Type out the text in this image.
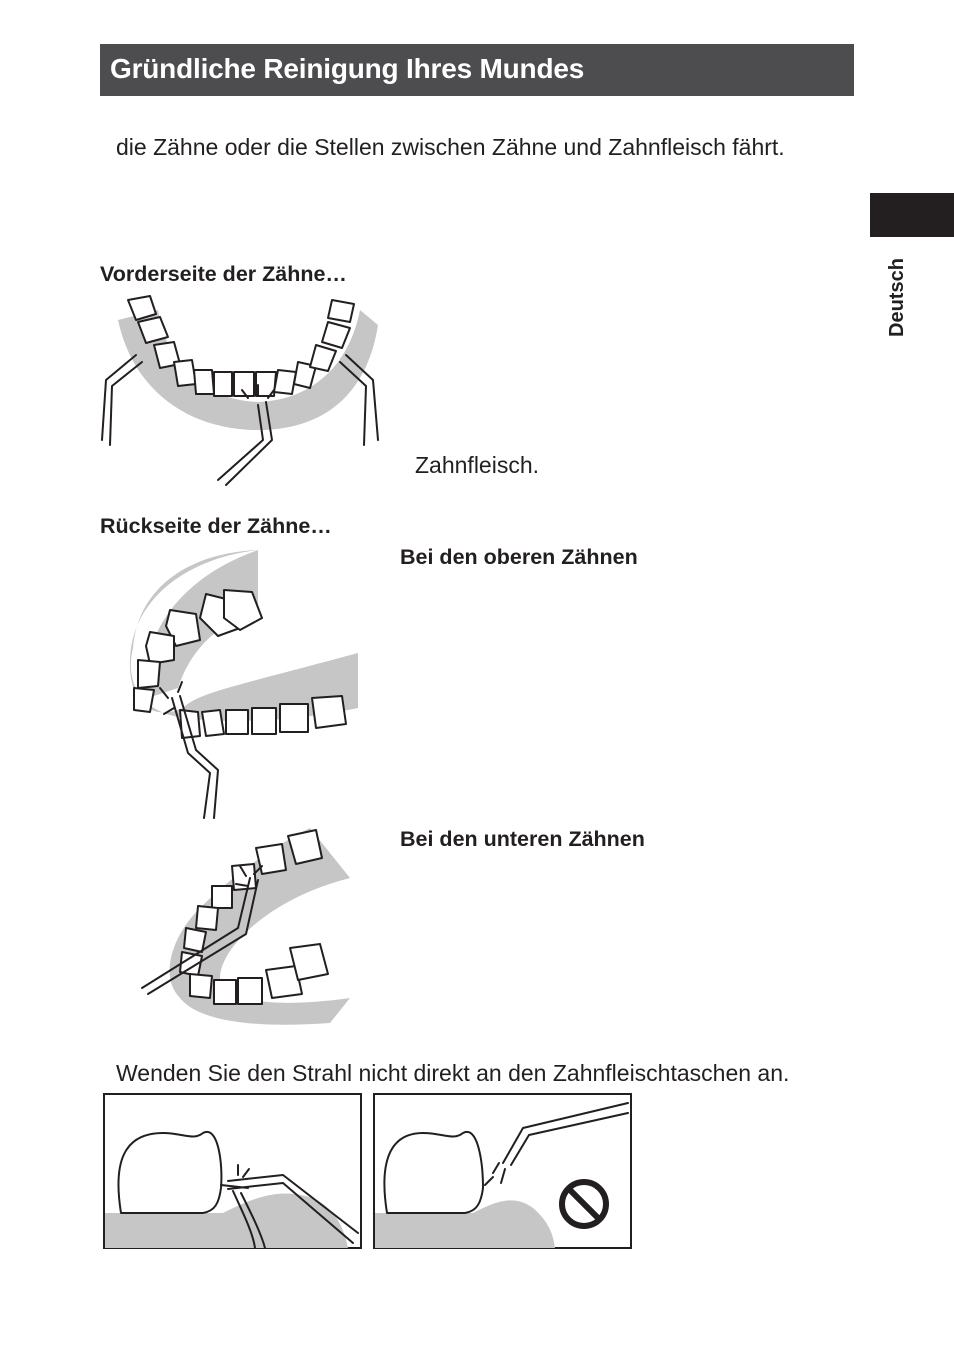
Gründliche Reinigung Ihres Mundes
Deutsch
die Zähne oder die Stellen zwischen Zähne und Zahnfleisch fährt.
Vorderseite der Zähne…
Zahnfleisch.
Rückseite der Zähne…
Bei den oberen Zähnen
Bei den unteren Zähnen
Wenden Sie den Strahl nicht direkt an den Zahnfleischtaschen an.
